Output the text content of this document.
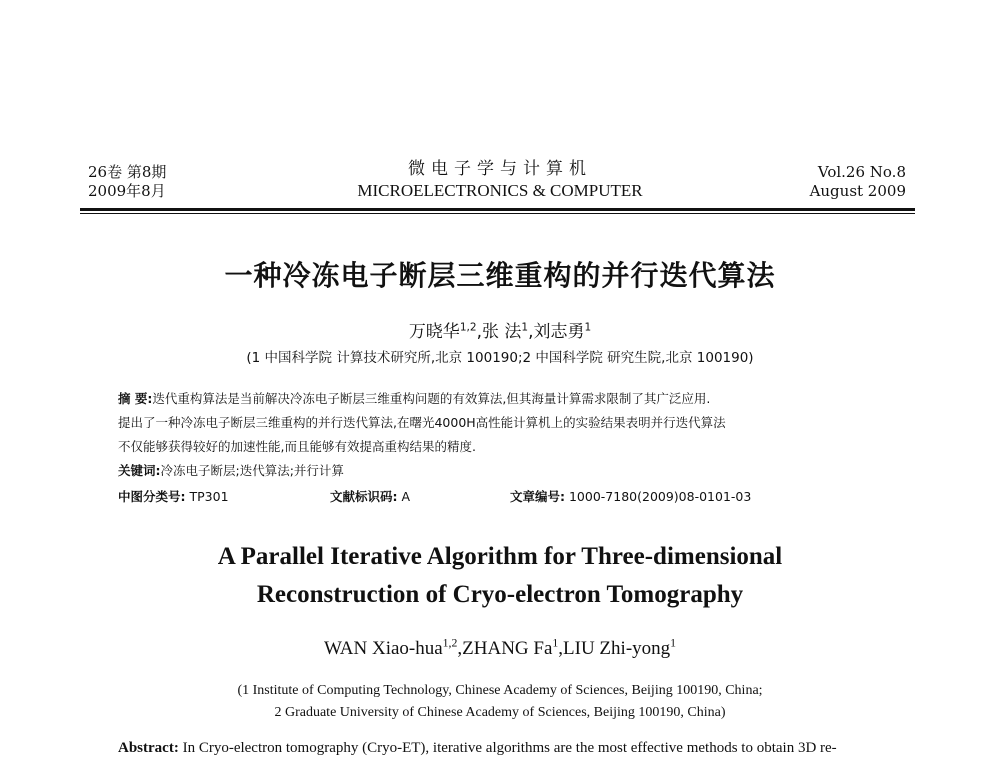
26卷 第8期
2009年8月
微电子学与计算机
MICROELECTRONICS & COMPUTER
Vol.26 No.8
August 2009
一种冷冻电子断层三维重构的并行迭代算法
万晓华$^{1,2}$,张 法$^1$,刘志勇$^1$
(1 中国科学院 计算技术研究所,北京 100190;2 中国科学院 研究生院,北京 100190)

摘 要:迭代重构算法是当前解决冷冻电子断层三维重构问题的有效算法,但其海量计算需求限制了其广泛应用.

提出了一种冷冻电子断层三维重构的并行迭代算法,在曙光4000H高性能计算机上的实验结果表明并行迭代算法

不仅能够获得较好的加速性能,而且能够有效提高重构结果的精度.

关键词:冷冻电子断层;迭代算法;并行计算

中图分类号: TP301	文献标识码: A	文章编号: 1000-7180(2009)08-0101-03
A Parallel Iterative Algorithm for Three-dimensional
Reconstruction of Cryo-electron Tomography
WAN Xiao-hua$^{1,2}$,ZHANG Fa$^1$,LIU Zhi-yong$^1$
(1 Institute of Computing Technology, Chinese Academy of Sciences, Beijing 100190, China;
2 Graduate University of Chinese Academy of Sciences, Beijing 100190, China)
Abstract: In Cryo-electron tomography (Cryo-ET), iterative algorithms are the most effective methods to obtain 3D re-
